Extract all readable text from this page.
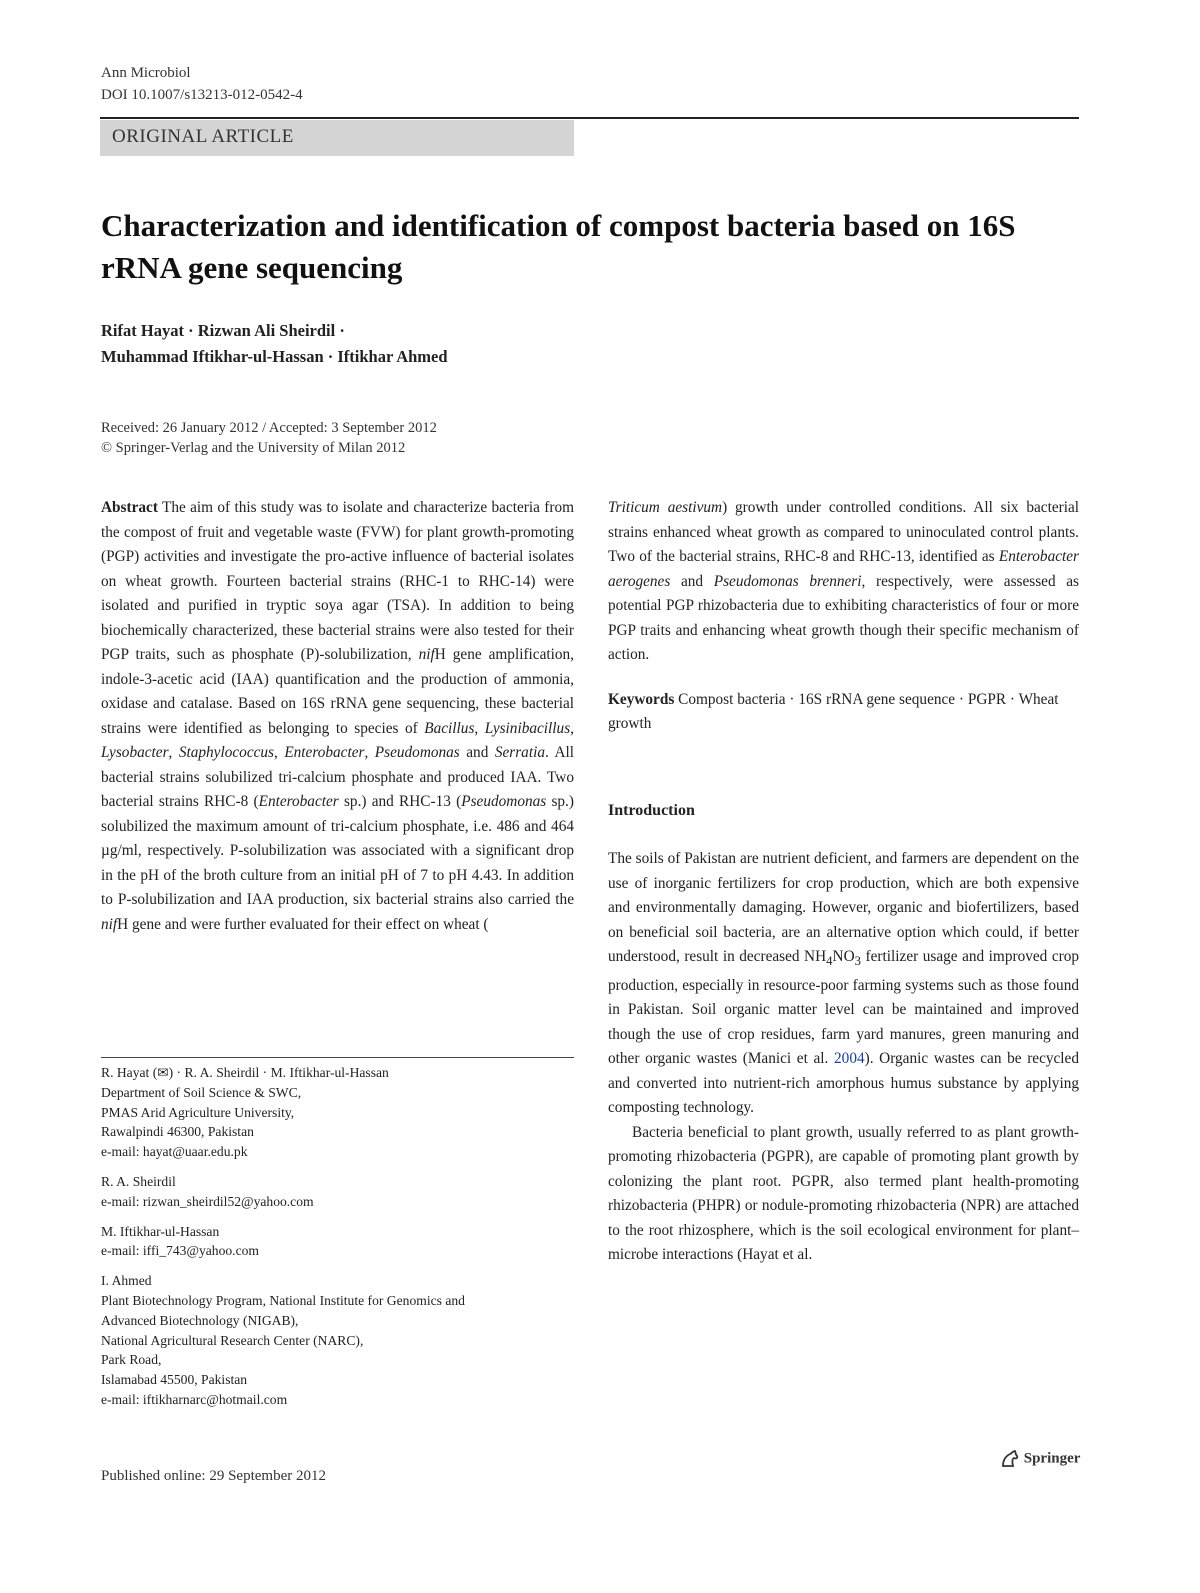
Ann Microbiol
DOI 10.1007/s13213-012-0542-4
ORIGINAL ARTICLE
Characterization and identification of compost bacteria based on 16S rRNA gene sequencing
Rifat Hayat · Rizwan Ali Sheirdil ·
Muhammad Iftikhar-ul-Hassan · Iftikhar Ahmed
Received: 26 January 2012 / Accepted: 3 September 2012
© Springer-Verlag and the University of Milan 2012

Abstract The aim of this study was to isolate and characterize bacteria from the compost of fruit and vegetable waste (FVW) for plant growth-promoting (PGP) activities and investigate the pro-active influence of bacterial isolates on wheat growth. Fourteen bacterial strains (RHC-1 to RHC-14) were isolated and purified in tryptic soya agar (TSA). In addition to being biochemically characterized, these bacterial strains were also tested for their PGP traits, such as phosphate (P)-solubilization, nifH gene amplification, indole-3-acetic acid (IAA) quantification and the production of ammonia, oxidase and catalase. Based on 16S rRNA gene sequencing, these bacterial strains were identified as belonging to species of Bacillus, Lysinibacillus, Lysobacter, Staphylococcus, Enterobacter, Pseudomonas and Serratia. All bacterial strains solubilized tri-calcium phosphate and produced IAA. Two bacterial strains RHC-8 (Enterobacter sp.) and RHC-13 (Pseudomonas sp.) solubilized the maximum amount of tri-calcium phosphate, i.e. 486 and 464 µg/ml, respectively. P-solubilization was associated with a significant drop in the pH of the broth culture from an initial pH of 7 to pH 4.43. In addition to P-solubilization and IAA production, six bacterial strains also carried the nifH gene and were further evaluated for their effect on wheat (

R. Hayat (✉) · R. A. Sheirdil · M. Iftikhar-ul-Hassan
Department of Soil Science & SWC,
PMAS Arid Agriculture University,
Rawalpindi 46300, Pakistan
e-mail: hayat@uaar.edu.pk
R. A. Sheirdil
e-mail: rizwan_sheirdil52@yahoo.com
M. Iftikhar-ul-Hassan
e-mail: iffi_743@yahoo.com
I. Ahmed
Plant Biotechnology Program, National Institute for Genomics and
Advanced Biotechnology (NIGAB),
National Agricultural Research Center (NARC),
Park Road,
Islamabad 45500, Pakistan
e-mail: iftikharnarc@hotmail.com

Triticum aestivum) growth under controlled conditions. All six bacterial strains enhanced wheat growth as compared to uninoculated control plants. Two of the bacterial strains, RHC-8 and RHC-13, identified as Enterobacter aerogenes and Pseudomonas brenneri, respectively, were assessed as potential PGP rhizobacteria due to exhibiting characteristics of four or more PGP traits and enhancing wheat growth though their specific mechanism of action.

Keywords Compost bacteria · 16S rRNA gene sequence · PGPR · Wheat growth

Introduction

The soils of Pakistan are nutrient deficient, and farmers are dependent on the use of inorganic fertilizers for crop production, which are both expensive and environmentally damaging. However, organic and biofertilizers, based on beneficial soil bacteria, are an alternative option which could, if better understood, result in decreased $NH_4NO_3$ fertilizer usage and improved crop production, especially in resource-poor farming systems such as those found in Pakistan. Soil organic matter level can be maintained and improved though the use of crop residues, farm yard manures, green manuring and other organic wastes (Manici et al. 2004). Organic wastes can be recycled and converted into nutrient-rich amorphous humus substance by applying composting technology.

Bacteria beneficial to plant growth, usually referred to as plant growth-promoting rhizobacteria (PGPR), are capable of promoting plant growth by colonizing the plant root. PGPR, also termed plant health-promoting rhizobacteria (PHPR) or nodule-promoting rhizobacteria (NPR) are attached to the root rhizosphere, which is the soil ecological environment for plant–microbe interactions (Hayat et al.

Published online: 29 September 2012
Springer
